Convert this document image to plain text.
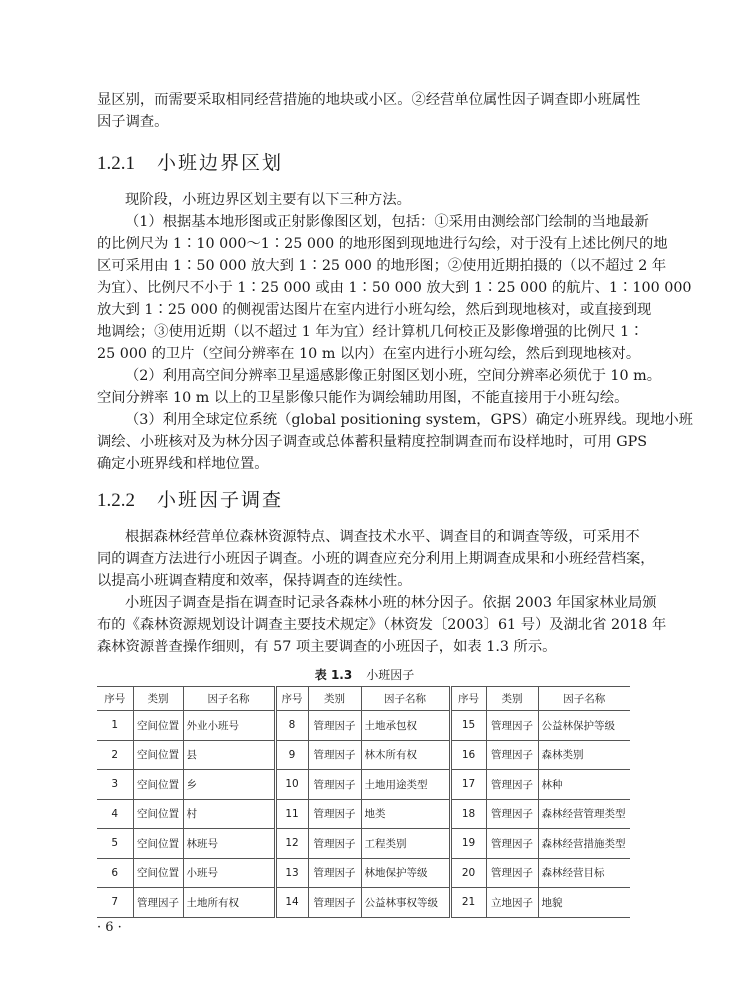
显区别，而需要采取相同经营措施的地块或小区。②经营单位属性因子调查即小班属性
因子调查。
1.2.1 小班边界区划
现阶段，小班边界区划主要有以下三种方法。
（1）根据基本地形图或正射影像图区划，包括：①采用由测绘部门绘制的当地最新
的比例尺为 1∶10 000～1∶25 000 的地形图到现地进行勾绘，对于没有上述比例尺的地
区可采用由 1∶50 000 放大到 1∶25 000 的地形图；②使用近期拍摄的（以不超过 2 年
为宜）、比例尺不小于 1∶25 000 或由 1∶50 000 放大到 1∶25 000 的航片、1∶100 000
放大到 1∶25 000 的侧视雷达图片在室内进行小班勾绘，然后到现地核对，或直接到现
地调绘；③使用近期（以不超过 1 年为宜）经计算机几何校正及影像增强的比例尺 1∶
25 000 的卫片（空间分辨率在 10 m 以内）在室内进行小班勾绘，然后到现地核对。
（2）利用高空间分辨率卫星遥感影像正射图区划小班，空间分辨率必须优于 10 m。
空间分辨率 10 m 以上的卫星影像只能作为调绘辅助用图，不能直接用于小班勾绘。
（3）利用全球定位系统（global positioning system，GPS）确定小班界线。现地小班
调绘、小班核对及为林分因子调查或总体蓄积量精度控制调查而布设样地时，可用 GPS
确定小班界线和样地位置。
1.2.2 小班因子调查
根据森林经营单位森林资源特点、调查技术水平、调查目的和调查等级，可采用不
同的调查方法进行小班因子调查。小班的调查应充分利用上期调查成果和小班经营档案，
以提高小班调查精度和效率，保持调查的连续性。
小班因子调查是指在调查时记录各森林小班的林分因子。依据 2003 年国家林业局颁
布的《森林资源规划设计调查主要技术规定》（林资发〔2003〕61 号）及湖北省 2018 年
森林资源普查操作细则，有 57 项主要调查的小班因子，如表 1.3 所示。
表 1.3 小班因子
序号	类别	因子名称	序号	类别	因子名称	序号	类别	因子名称
1	空间位置	外业小班号	8	管理因子	土地承包权	15	管理因子	公益林保护等级
2	空间位置	县	9	管理因子	林木所有权	16	管理因子	森林类别
3	空间位置	乡	10	管理因子	土地用途类型	17	管理因子	林种
4	空间位置	村	11	管理因子	地类	18	管理因子	森林经营管理类型
5	空间位置	林班号	12	管理因子	工程类别	19	管理因子	森林经营措施类型
6	空间位置	小班号	13	管理因子	林地保护等级	20	管理因子	森林经营目标
7	管理因子	土地所有权	14	管理因子	公益林事权等级	21	立地因子	地貌
· 6 ·
